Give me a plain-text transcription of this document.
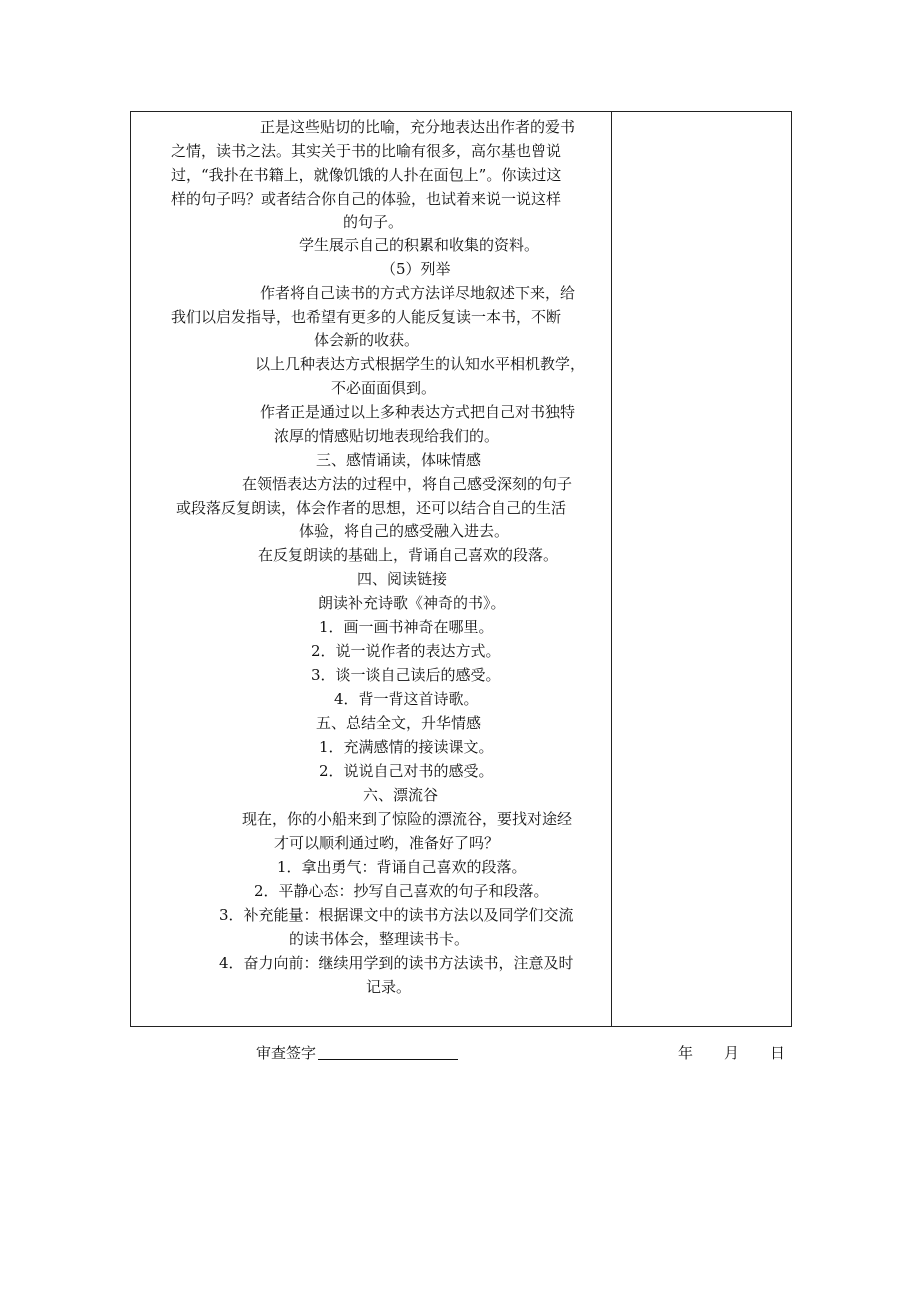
正是这些贴切的比喻，充分地表达出作者的爱书
之情，读书之法。其实关于书的比喻有很多，高尔基也曾说
过，“我扑在书籍上，就像饥饿的人扑在面包上”。你读过这
样的句子吗？或者结合你自己的体验，也试着来说一说这样
的句子。
学生展示自己的积累和收集的资料。
（5）列举
作者将自己读书的方式方法详尽地叙述下来，给
我们以启发指导，也希望有更多的人能反复读一本书，不断
体会新的收获。
以上几种表达方式根据学生的认知水平相机教学，
不必面面俱到。
作者正是通过以上多种表达方式把自己对书独特
浓厚的情感贴切地表现给我们的。
三、感情诵读，体味情感
在领悟表达方法的过程中，将自己感受深刻的句子
或段落反复朗读，体会作者的思想，还可以结合自己的生活
体验，将自己的感受融入进去。
在反复朗读的基础上，背诵自己喜欢的段落。
四、阅读链接
朗读补充诗歌《神奇的书》。
1．画一画书神奇在哪里。
2．说一说作者的表达方式。
3．谈一谈自己读后的感受。
4．背一背这首诗歌。
五、总结全文，升华情感
1．充满感情的接读课文。
2．说说自己对书的感受。
六、漂流谷
现在，你的小船来到了惊险的漂流谷，要找对途经
才可以顺利通过哟，准备好了吗？
1．拿出勇气：背诵自己喜欢的段落。
2．平静心态：抄写自己喜欢的句子和段落。
3．补充能量：根据课文中的读书方法以及同学们交流
的读书体会，整理读书卡。
4．奋力向前：继续用学到的读书方法读书，注意及时
记录。
审查签字	年 月 日
